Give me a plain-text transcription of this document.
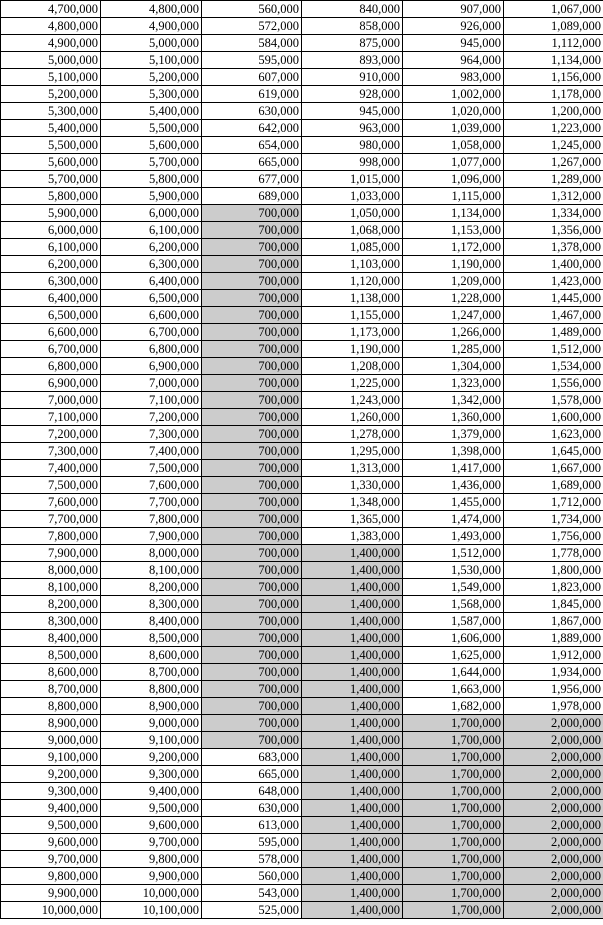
4,700,000	4,800,000	560,000	840,000	907,000	1,067,000
4,800,000	4,900,000	572,000	858,000	926,000	1,089,000
4,900,000	5,000,000	584,000	875,000	945,000	1,112,000
5,000,000	5,100,000	595,000	893,000	964,000	1,134,000
5,100,000	5,200,000	607,000	910,000	983,000	1,156,000
5,200,000	5,300,000	619,000	928,000	1,002,000	1,178,000
5,300,000	5,400,000	630,000	945,000	1,020,000	1,200,000
5,400,000	5,500,000	642,000	963,000	1,039,000	1,223,000
5,500,000	5,600,000	654,000	980,000	1,058,000	1,245,000
5,600,000	5,700,000	665,000	998,000	1,077,000	1,267,000
5,700,000	5,800,000	677,000	1,015,000	1,096,000	1,289,000
5,800,000	5,900,000	689,000	1,033,000	1,115,000	1,312,000
5,900,000	6,000,000	700,000	1,050,000	1,134,000	1,334,000
6,000,000	6,100,000	700,000	1,068,000	1,153,000	1,356,000
6,100,000	6,200,000	700,000	1,085,000	1,172,000	1,378,000
6,200,000	6,300,000	700,000	1,103,000	1,190,000	1,400,000
6,300,000	6,400,000	700,000	1,120,000	1,209,000	1,423,000
6,400,000	6,500,000	700,000	1,138,000	1,228,000	1,445,000
6,500,000	6,600,000	700,000	1,155,000	1,247,000	1,467,000
6,600,000	6,700,000	700,000	1,173,000	1,266,000	1,489,000
6,700,000	6,800,000	700,000	1,190,000	1,285,000	1,512,000
6,800,000	6,900,000	700,000	1,208,000	1,304,000	1,534,000
6,900,000	7,000,000	700,000	1,225,000	1,323,000	1,556,000
7,000,000	7,100,000	700,000	1,243,000	1,342,000	1,578,000
7,100,000	7,200,000	700,000	1,260,000	1,360,000	1,600,000
7,200,000	7,300,000	700,000	1,278,000	1,379,000	1,623,000
7,300,000	7,400,000	700,000	1,295,000	1,398,000	1,645,000
7,400,000	7,500,000	700,000	1,313,000	1,417,000	1,667,000
7,500,000	7,600,000	700,000	1,330,000	1,436,000	1,689,000
7,600,000	7,700,000	700,000	1,348,000	1,455,000	1,712,000
7,700,000	7,800,000	700,000	1,365,000	1,474,000	1,734,000
7,800,000	7,900,000	700,000	1,383,000	1,493,000	1,756,000
7,900,000	8,000,000	700,000	1,400,000	1,512,000	1,778,000
8,000,000	8,100,000	700,000	1,400,000	1,530,000	1,800,000
8,100,000	8,200,000	700,000	1,400,000	1,549,000	1,823,000
8,200,000	8,300,000	700,000	1,400,000	1,568,000	1,845,000
8,300,000	8,400,000	700,000	1,400,000	1,587,000	1,867,000
8,400,000	8,500,000	700,000	1,400,000	1,606,000	1,889,000
8,500,000	8,600,000	700,000	1,400,000	1,625,000	1,912,000
8,600,000	8,700,000	700,000	1,400,000	1,644,000	1,934,000
8,700,000	8,800,000	700,000	1,400,000	1,663,000	1,956,000
8,800,000	8,900,000	700,000	1,400,000	1,682,000	1,978,000
8,900,000	9,000,000	700,000	1,400,000	1,700,000	2,000,000
9,000,000	9,100,000	700,000	1,400,000	1,700,000	2,000,000
9,100,000	9,200,000	683,000	1,400,000	1,700,000	2,000,000
9,200,000	9,300,000	665,000	1,400,000	1,700,000	2,000,000
9,300,000	9,400,000	648,000	1,400,000	1,700,000	2,000,000
9,400,000	9,500,000	630,000	1,400,000	1,700,000	2,000,000
9,500,000	9,600,000	613,000	1,400,000	1,700,000	2,000,000
9,600,000	9,700,000	595,000	1,400,000	1,700,000	2,000,000
9,700,000	9,800,000	578,000	1,400,000	1,700,000	2,000,000
9,800,000	9,900,000	560,000	1,400,000	1,700,000	2,000,000
9,900,000	10,000,000	543,000	1,400,000	1,700,000	2,000,000
10,000,000	10,100,000	525,000	1,400,000	1,700,000	2,000,000
